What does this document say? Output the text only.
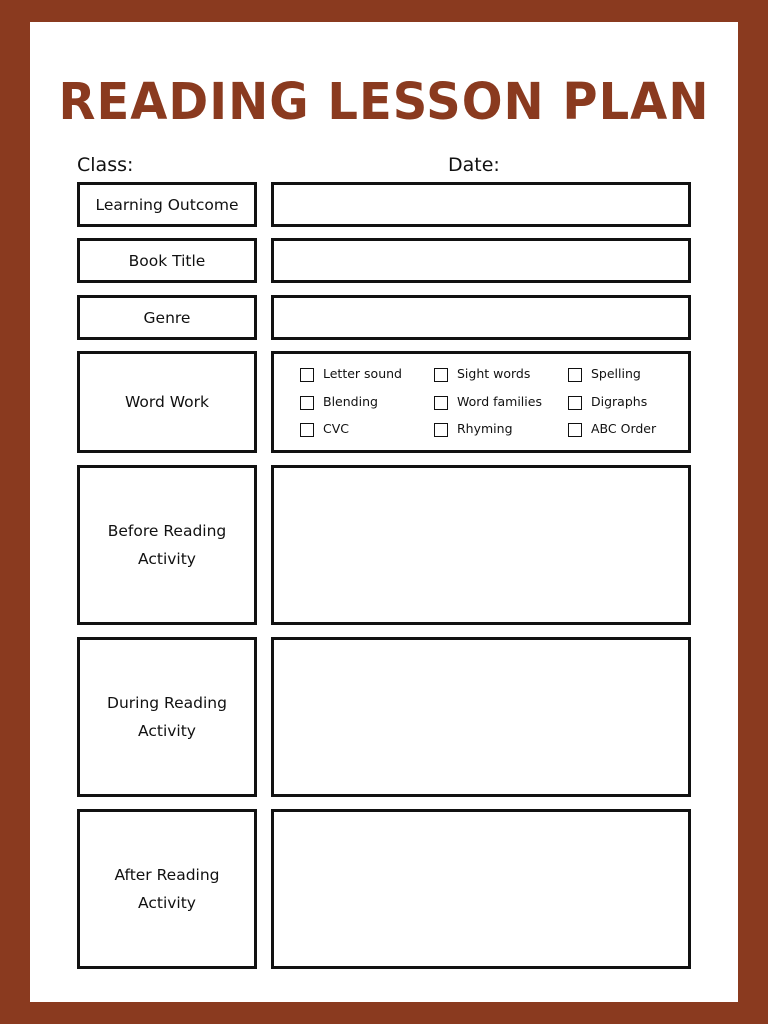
READING LESSON PLAN
Class:	Date:
Learning Outcome
Book Title
Genre
Word Work
Letter sound
Blending
CVC
Sight words
Word families
Rhyming
Spelling
Digraphs
ABC Order
Before Reading Activity
During Reading Activity
After Reading Activity
